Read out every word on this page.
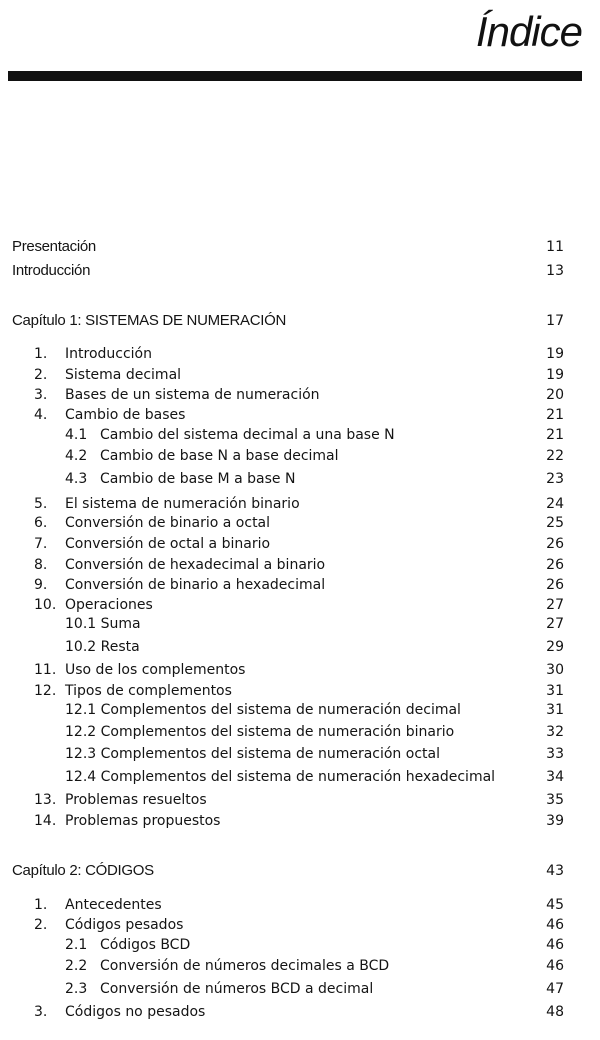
Índice
Presentación	11
Introducción	13
Capítulo 1: SISTEMAS DE NUMERACIÓN	17
1. Introducción	19
2. Sistema decimal	19
3. Bases de un sistema de numeración	20
4. Cambio de bases	21
4.1 Cambio del sistema decimal a una base N	21
4.2 Cambio de base N a base decimal	22
4.3 Cambio de base M a base N	23
5. El sistema de numeración binario	24
6. Conversión de binario a octal	25
7. Conversión de octal a binario	26
8. Conversión de hexadecimal a binario	26
9. Conversión de binario a hexadecimal	26
10. Operaciones	27
10.1 Suma	27
10.2 Resta	29
11. Uso de los complementos	30
12. Tipos de complementos	31
12.1 Complementos del sistema de numeración decimal	31
12.2 Complementos del sistema de numeración binario	32
12.3 Complementos del sistema de numeración octal	33
12.4 Complementos del sistema de numeración hexadecimal	34
13. Problemas resueltos	35
14. Problemas propuestos	39
Capítulo 2: CÓDIGOS	43
1. Antecedentes	45
2. Códigos pesados	46
2.1 Códigos BCD	46
2.2 Conversión de números decimales a BCD	46
2.3 Conversión de números BCD a decimal	47
3. Códigos no pesados	48
